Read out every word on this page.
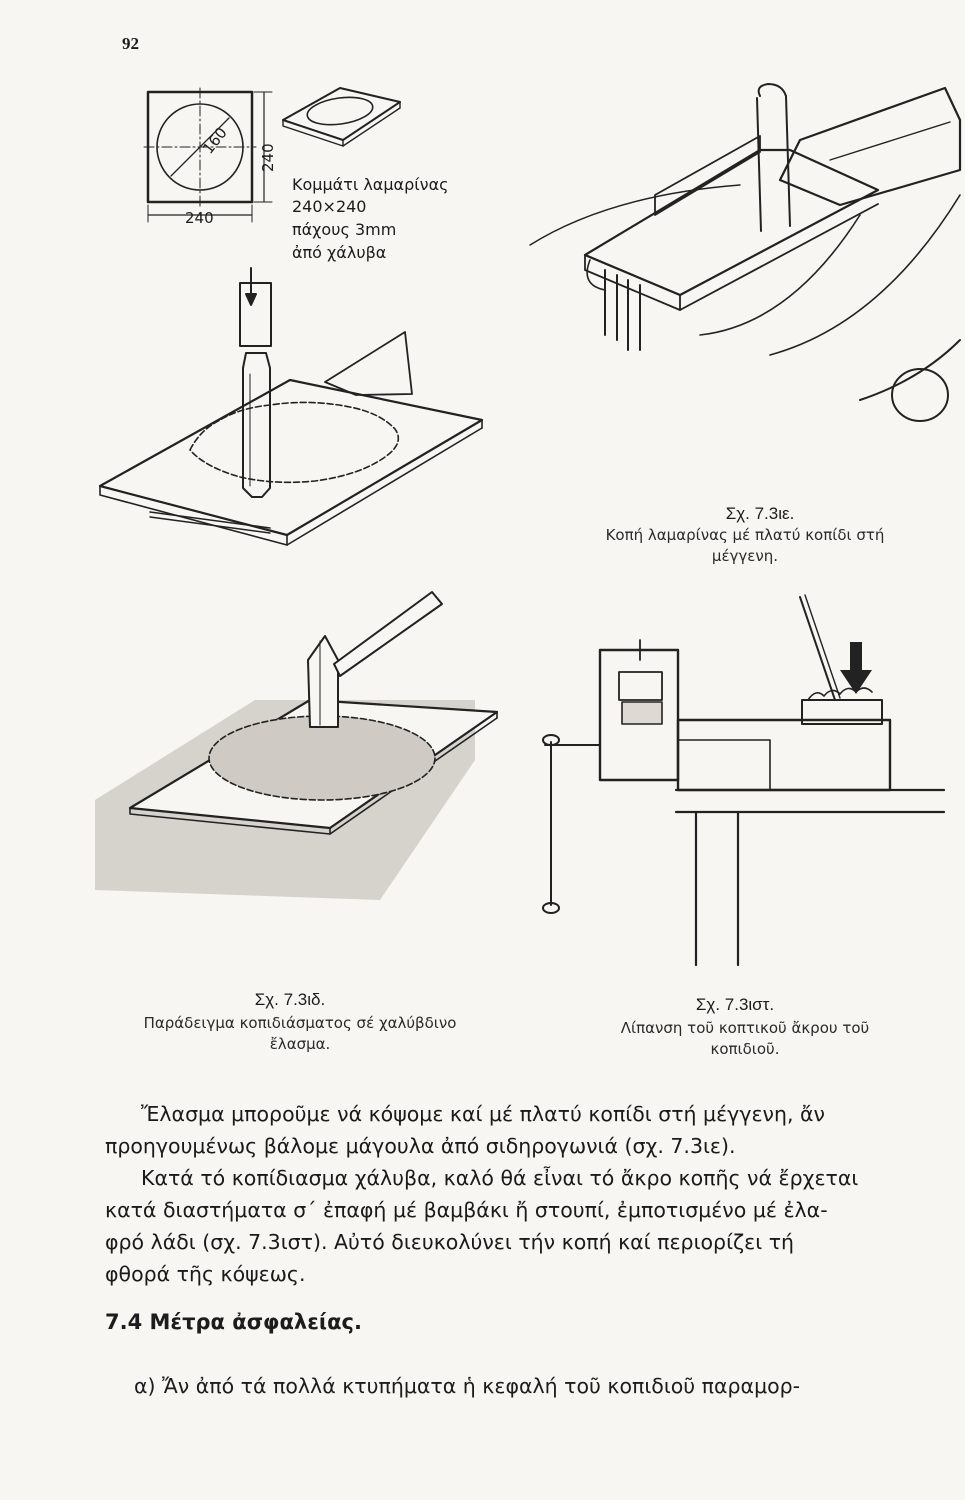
92
160
240
240
Κομμάτι λαμαρίνας
240×240
πάχους 3mm
ἀπό χάλυβα
Σχ. 7.3ιδ.
Παράδειγμα κοπιδιάσματος σέ χαλύβδινο
ἔλασμα.
Σχ. 7.3ιε.
Κοπή λαμαρίνας μέ πλατύ κοπίδι στή
μέγγενη.
Σχ. 7.3ιστ.
Λίπανση τοῦ κοπτικοῦ ἄκρου τοῦ
κοπιδιοῦ.

Ἔλασμα μποροῦμε νά κόψομε καί μέ πλατύ κοπίδι στή μέγγενη, ἄν

προηγουμένως βάλομε μάγουλα ἀπό σιδηρογωνιά (σχ. 7.3ιε).

Κατά τό κοπίδιασμα χάλυβα, καλό θά εἶναι τό ἄκρο κοπῆς νά ἔρχεται

κατά διαστήματα σ΄ ἐπαφή μέ βαμβάκι ἤ στουπί, ἐμποτισμένο μέ ἐλα-

φρό λάδι (σχ. 7.3ιστ). Αὐτό διευκολύνει τήν κοπή καί περιορίζει τή

φθορά τῆς κόψεως.

7.4 Μέτρα ἀσφαλείας.
α) Ἄν ἀπό τά πολλά κτυπήματα ἡ κεφαλή τοῦ κοπιδιοῦ παραμορ-
